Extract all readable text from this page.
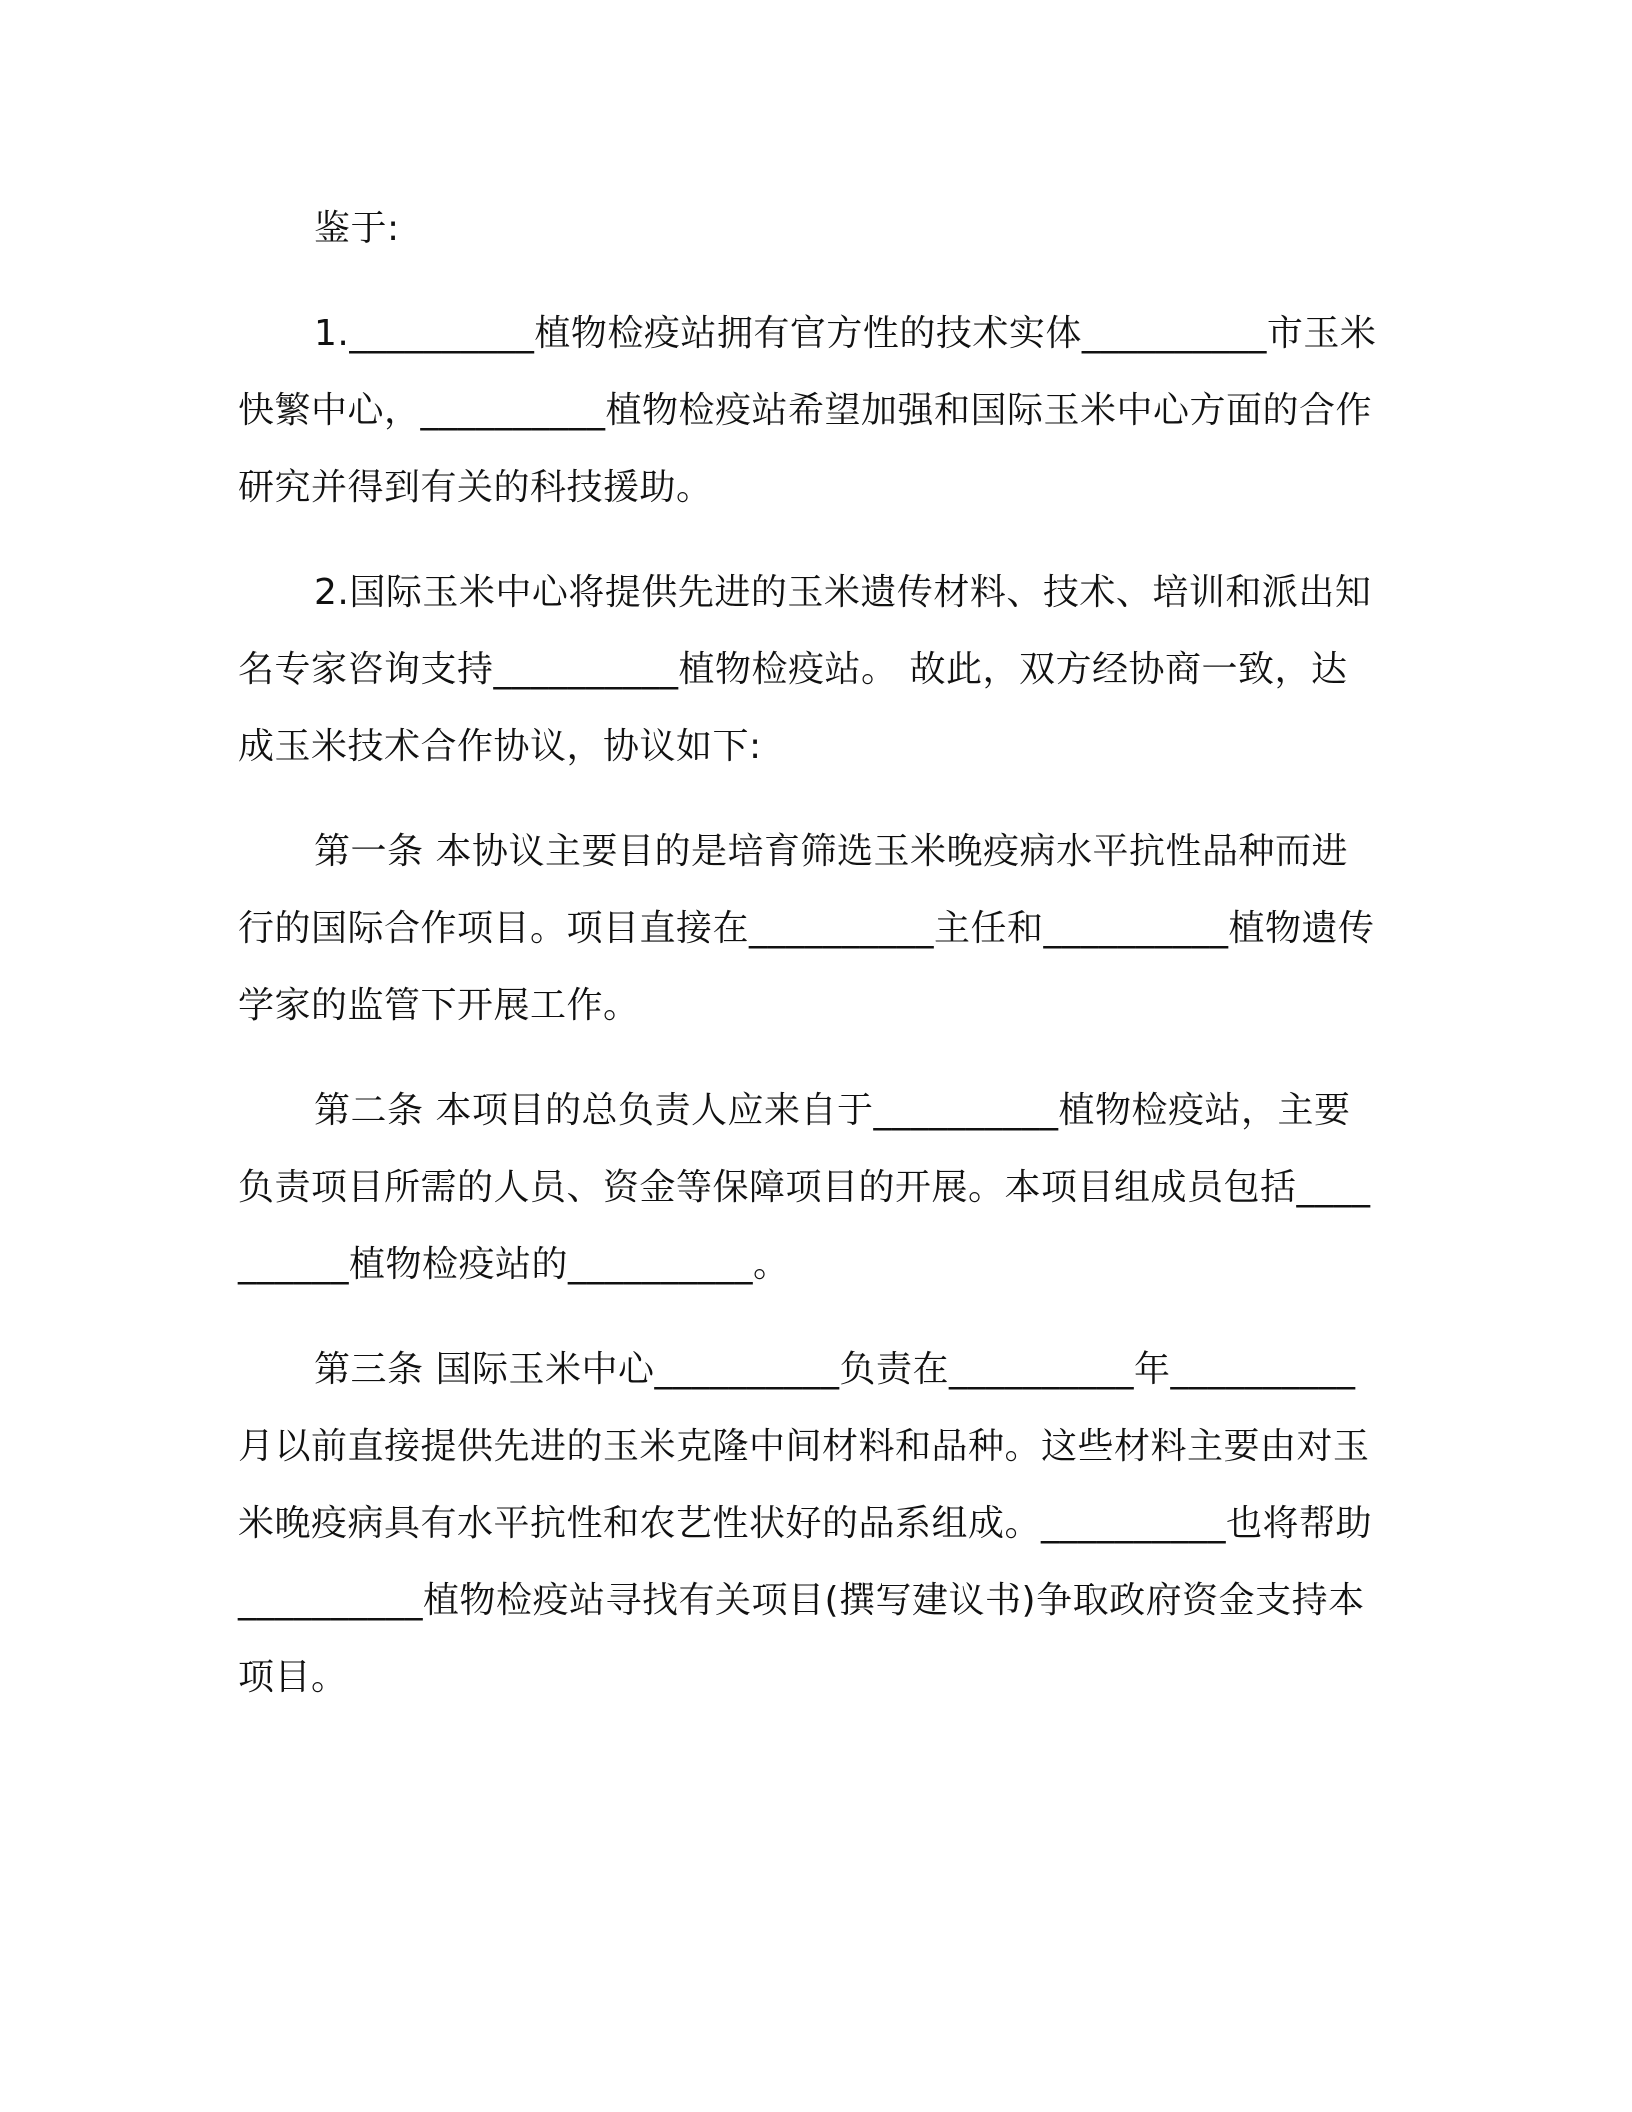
鉴于:

1.__________植物检疫站拥有官方性的技术实体__________市玉米快繁中心，__________植物检疫站希望加强和国际玉米中心方面的合作研究并得到有关的科技援助。

2.国际玉米中心将提供先进的玉米遗传材料、技术、培训和派出知名专家咨询支持__________植物检疫站。 故此，双方经协商一致，达成玉米技术合作协议，协议如下:

第一条 本协议主要目的是培育筛选玉米晚疫病水平抗性品种而进行的国际合作项目。项目直接在__________主任和__________植物遗传学家的监管下开展工作。

第二条 本项目的总负责人应来自于__________植物检疫站，主要负责项目所需的人员、资金等保障项目的开展。本项目组成员包括__________植物检疫站的__________。

第三条 国际玉米中心__________负责在__________年__________月以前直接提供先进的玉米克隆中间材料和品种。这些材料主要由对玉米晚疫病具有水平抗性和农艺性状好的品系组成。__________也将帮助__________植物检疫站寻找有关项目(撰写建议书)争取政府资金支持本项目。
